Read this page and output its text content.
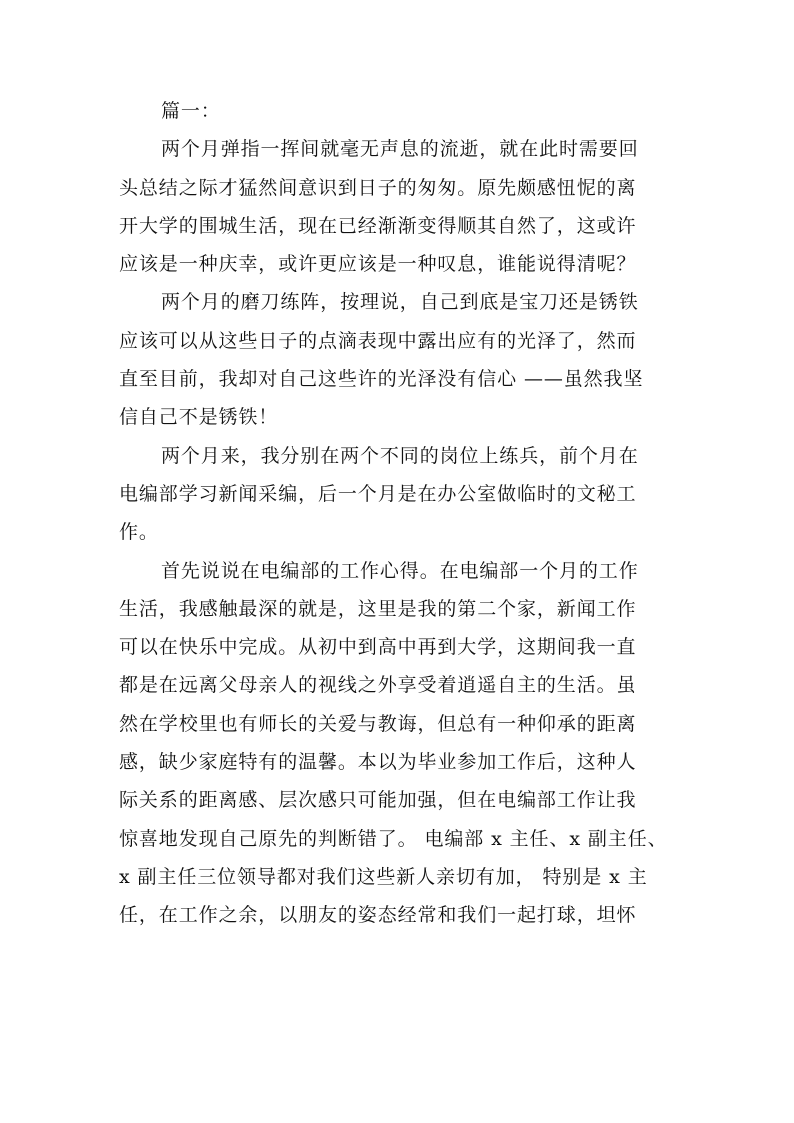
篇一：
两个月弹指一挥间就毫无声息的流逝，就在此时需要回
头总结之际才猛然间意识到日子的匆匆。原先颇感忸怩的离
开大学的围城生活，现在已经渐渐变得顺其自然了，这或许
应该是一种庆幸，或许更应该是一种叹息，谁能说得清呢？
两个月的磨刀练阵，按理说，自己到底是宝刀还是锈铁
应该可以从这些日子的点滴表现中露出应有的光泽了，然而
直至目前，我却对自己这些许的光泽没有信心 ——虽然我坚
信自己不是锈铁！
两个月来，我分别在两个不同的岗位上练兵，前个月在
电编部学习新闻采编，后一个月是在办公室做临时的文秘工
作。
首先说说在电编部的工作心得。在电编部一个月的工作
生活，我感触最深的就是，这里是我的第二个家，新闻工作
可以在快乐中完成。从初中到高中再到大学，这期间我一直
都是在远离父母亲人的视线之外享受着逍遥自主的生活。虽
然在学校里也有师长的关爱与教诲，但总有一种仰承的距离
感，缺少家庭特有的温馨。本以为毕业参加工作后，这种人
际关系的距离感、层次感只可能加强，但在电编部工作让我
惊喜地发现自己原先的判断错了。 电编部 x 主任、x 副主任、
x 副主任三位领导都对我们这些新人亲切有加， 特别是 x 主
任，在工作之余，以朋友的姿态经常和我们一起打球，坦怀
